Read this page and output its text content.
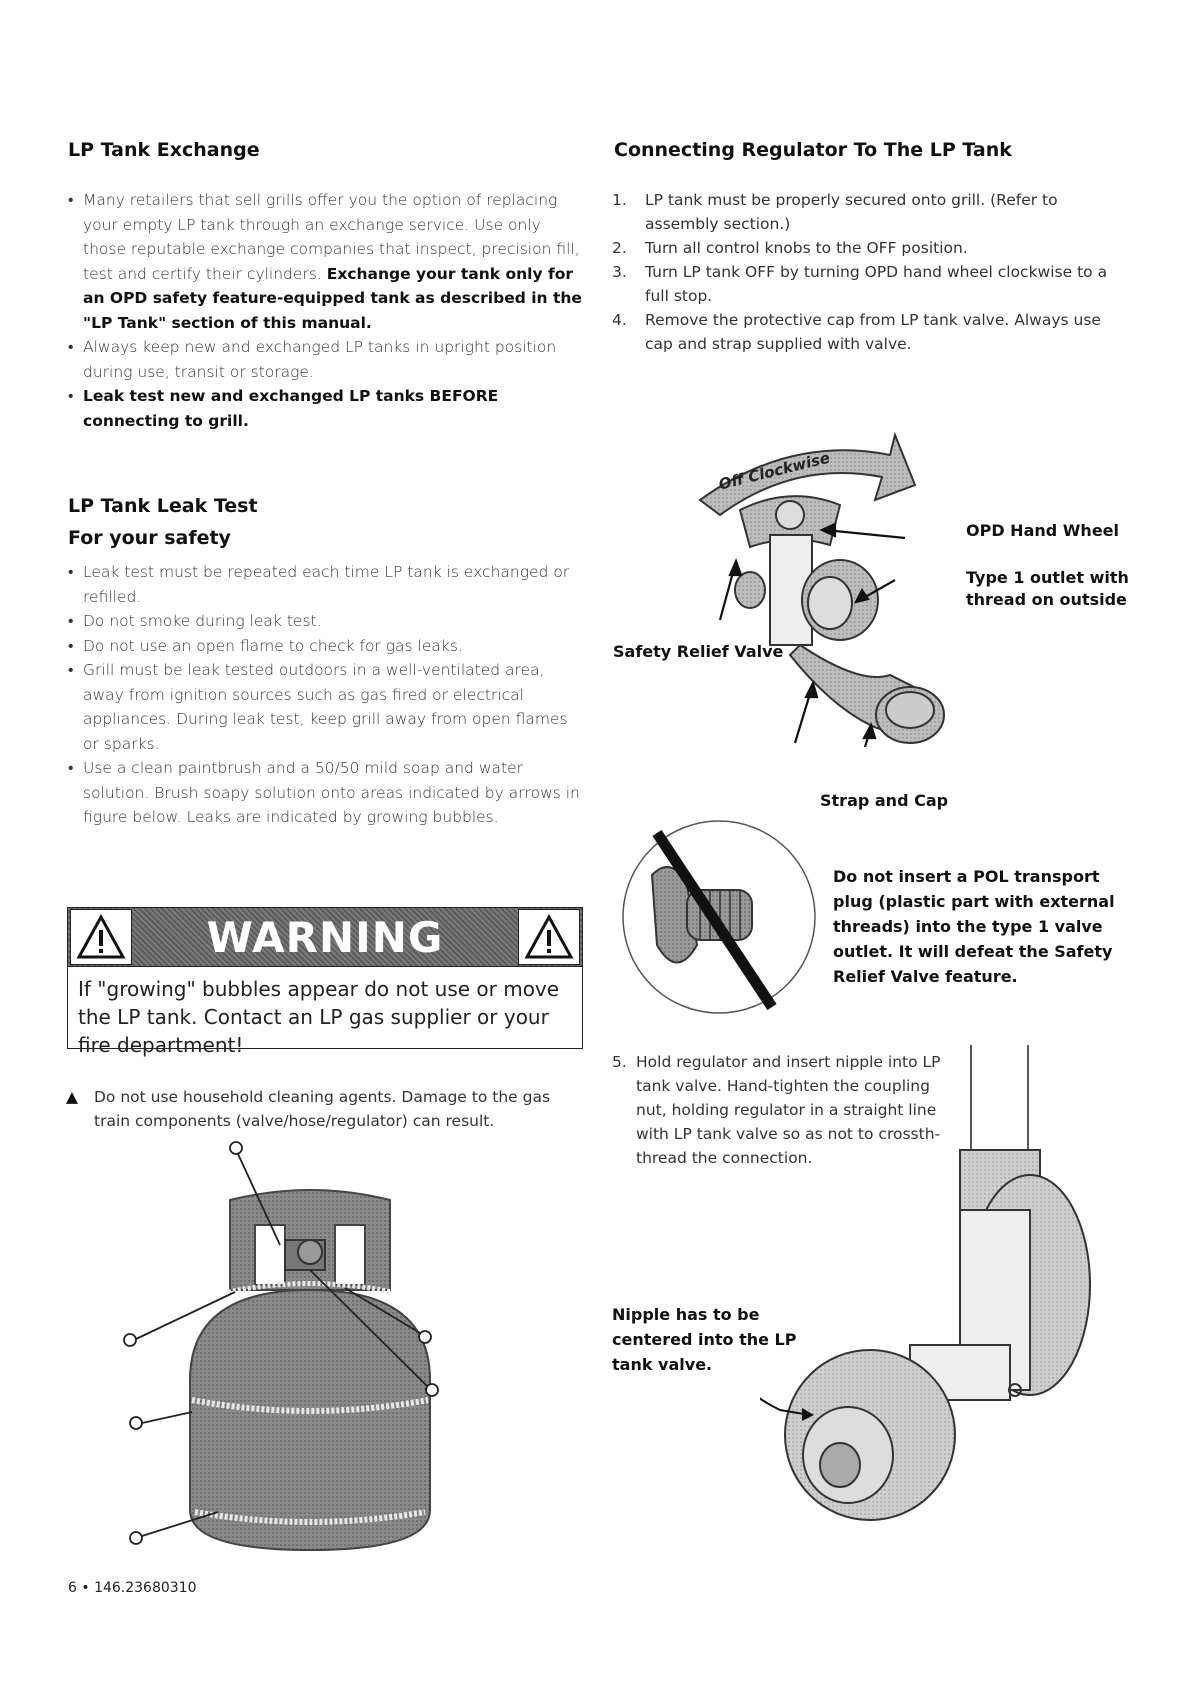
LP Tank Exchange
• Many retailers that sell grills offer you the option of replacing your empty LP tank through an exchange service. Use only those reputable exchange companies that inspect, precision fill, test and certify their cylinders. Exchange your tank only for an OPD safety feature-equipped tank as described in the "LP Tank" section of this manual.
• Always keep new and exchanged LP tanks in upright position during use, transit or storage.
• Leak test new and exchanged LP tanks BEFORE connecting to grill.
LP Tank Leak Test
For your safety
• Leak test must be repeated each time LP tank is exchanged or refilled.
• Do not smoke during leak test.
• Do not use an open flame to check for gas leaks.
• Grill must be leak tested outdoors in a well-ventilated area, away from ignition sources such as gas fired or electrical appliances. During leak test, keep grill away from open flames or sparks.
• Use a clean paintbrush and a 50/50 mild soap and water solution. Brush soapy solution onto areas indicated by arrows in figure below. Leaks are indicated by growing bubbles.
WARNING
If "growing" bubbles appear do not use or move the LP tank. Contact an LP gas supplier or your fire department!
▲ Do not use household cleaning agents. Damage to the gas train components (valve/hose/regulator) can result.
Connecting Regulator To The LP Tank
1. LP tank must be properly secured onto grill. (Refer to assembly section.)
2. Turn all control knobs to the OFF position.
3. Turn LP tank OFF by turning OPD hand wheel clockwise to a full stop.
4. Remove the protective cap from LP tank valve. Always use cap and strap supplied with valve.
Off Clockwise
OPD Hand Wheel
Type 1 outlet with thread on outside
Safety Relief Valve
Strap and Cap
Do not insert a POL transport plug (plastic part with external threads) into the type 1 valve outlet. It will defeat the Safety Relief Valve feature.
5. Hold regulator and insert nipple into LP tank valve. Hand-tighten the coupling nut, holding regulator in a straight line with LP tank valve so as not to crossth-thread the connection.
Nipple has to be centered into the LP tank valve.
6 • 146.23680310
